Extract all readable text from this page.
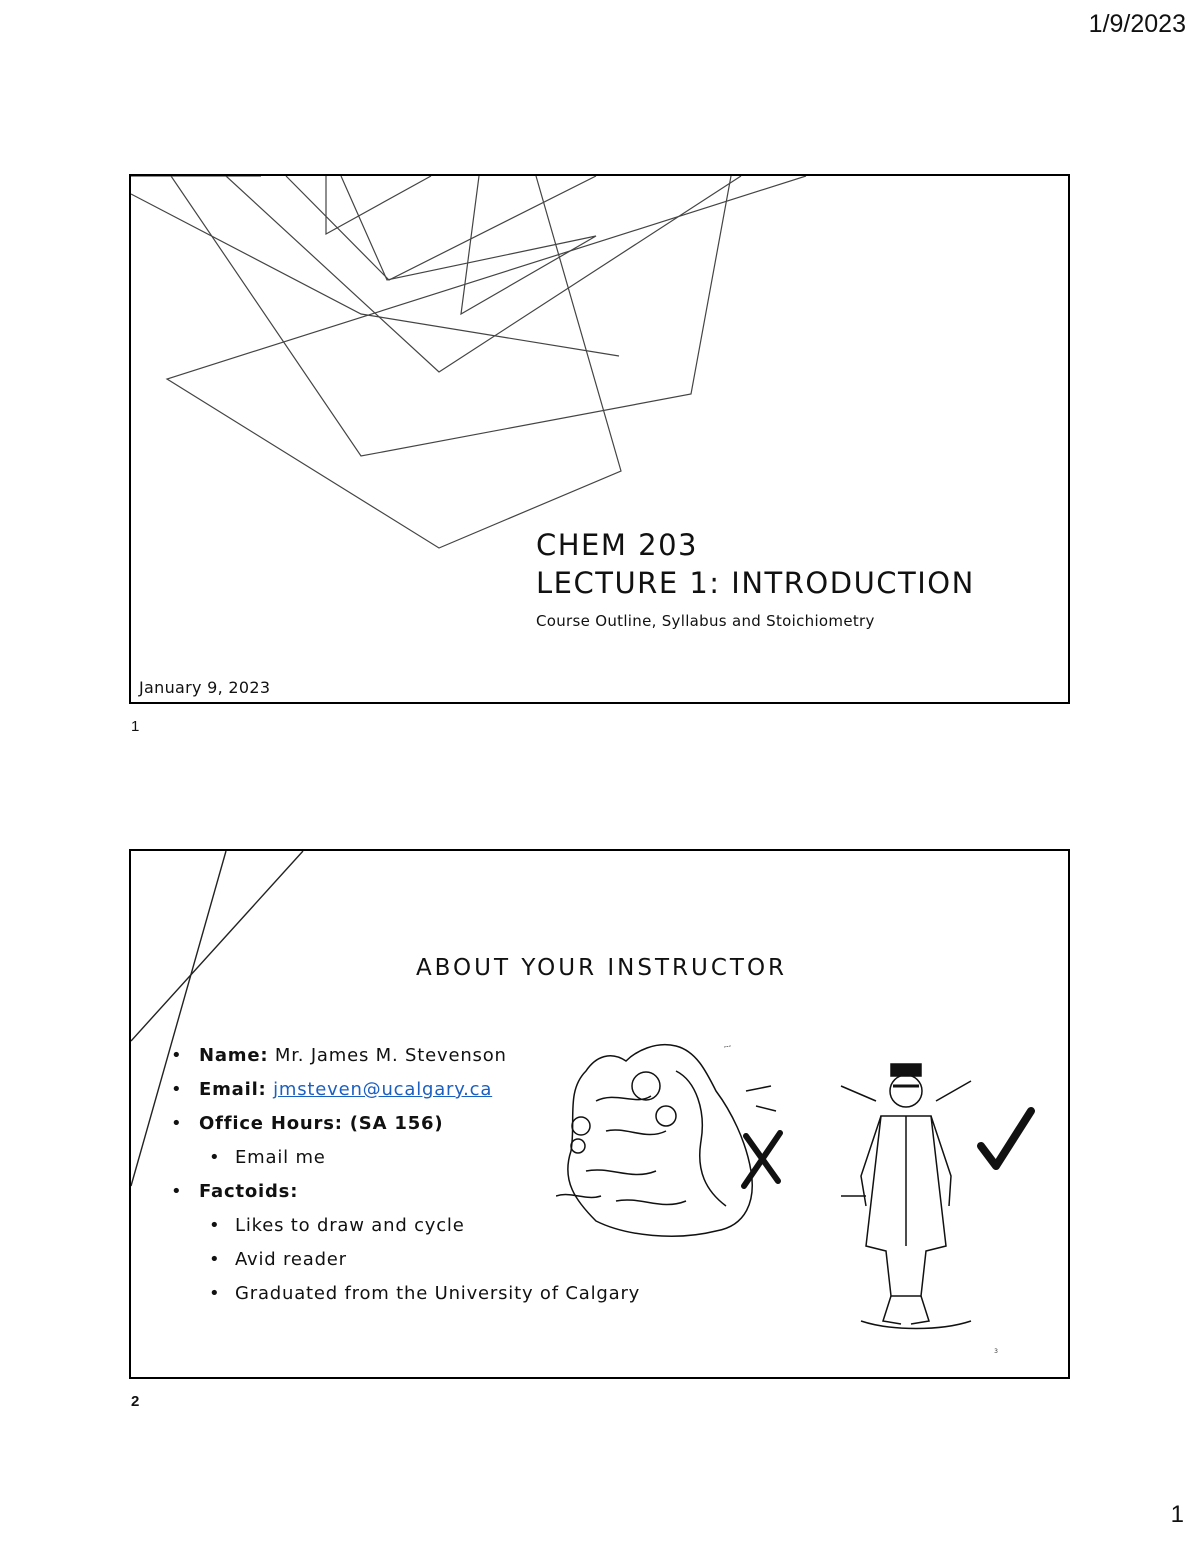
1/9/2023
CHEM 203
LECTURE 1: INTRODUCTION
Course Outline, Syllabus and Stoichiometry
January 9, 2023
1
ABOUT YOUR INSTRUCTOR
• Name: Mr. James M. Stevenson
• Email: jmsteven@ucalgary.ca
• Office Hours: (SA 156)
• Email me
• Factoids:
• Likes to draw and cycle
• Avid reader
• Graduated from the University of Calgary
---
3
2
1
